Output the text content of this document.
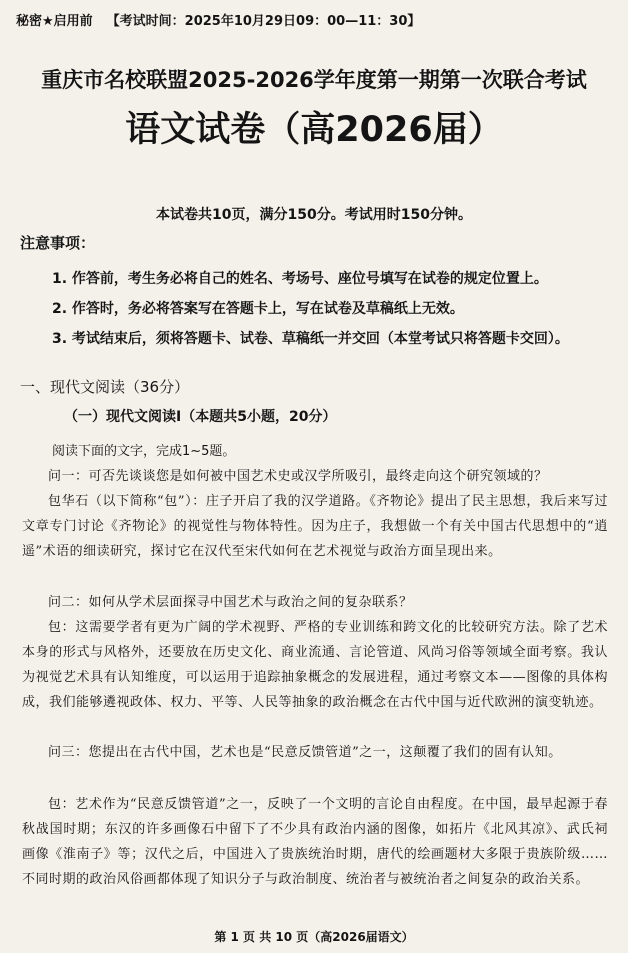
秘密★启用前 【考试时间：2025年10月29日09：00—11：30】
重庆市名校联盟2025-2026学年度第一期第一次联合考试
语文试卷（高2026届）
本试卷共10页，满分150分。考试用时150分钟。
注意事项：
1. 作答前，考生务必将自己的姓名、考场号、座位号填写在试卷的规定位置上。
2. 作答时，务必将答案写在答题卡上，写在试卷及草稿纸上无效。
3. 考试结束后，须将答题卡、试卷、草稿纸一并交回（本堂考试只将答题卡交回）。
一、现代文阅读（36分）
（一）现代文阅读Ⅰ（本题共5小题，20分）
阅读下面的文字，完成1~5题。

问一：可否先谈谈您是如何被中国艺术史或汉学所吸引，最终走向这个研究领域的？

包华石（以下简称“包”）：庄子开启了我的汉学道路。《齐物论》提出了民主思想，我后来写过文章专门讨论《齐物论》的视觉性与物体特性。因为庄子，我想做一个有关中国古代思想中的“逍遥”术语的细读研究，探讨它在汉代至宋代如何在艺术视觉与政治方面呈现出来。

问二：如何从学术层面探寻中国艺术与政治之间的复杂联系？

包：这需要学者有更为广阔的学术视野、严格的专业训练和跨文化的比较研究方法。除了艺术本身的形式与风格外，还要放在历史文化、商业流通、言论管道、风尚习俗等领域全面考察。我认为视觉艺术具有认知维度，可以运用于追踪抽象概念的发展进程，通过考察文本——图像的具体构成，我们能够遴视政体、权力、平等、人民等抽象的政治概念在古代中国与近代欧洲的演变轨迹。

问三：您提出在古代中国，艺术也是“民意反馈管道”之一，这颠覆了我们的固有认知。

包：艺术作为“民意反馈管道”之一，反映了一个文明的言论自由程度。在中国，最早起源于春秋战国时期；东汉的许多画像石中留下了不少具有政治内涵的图像，如拓片《北风其凉》、武氏祠画像《淮南子》等；汉代之后，中国进入了贵族统治时期，唐代的绘画题材大多限于贵族阶级……不同时期的政治风俗画都体现了知识分子与政治制度、统治者与被统治者之间复杂的政治关系。

第 1 页 共 10 页（高2026届语文）
